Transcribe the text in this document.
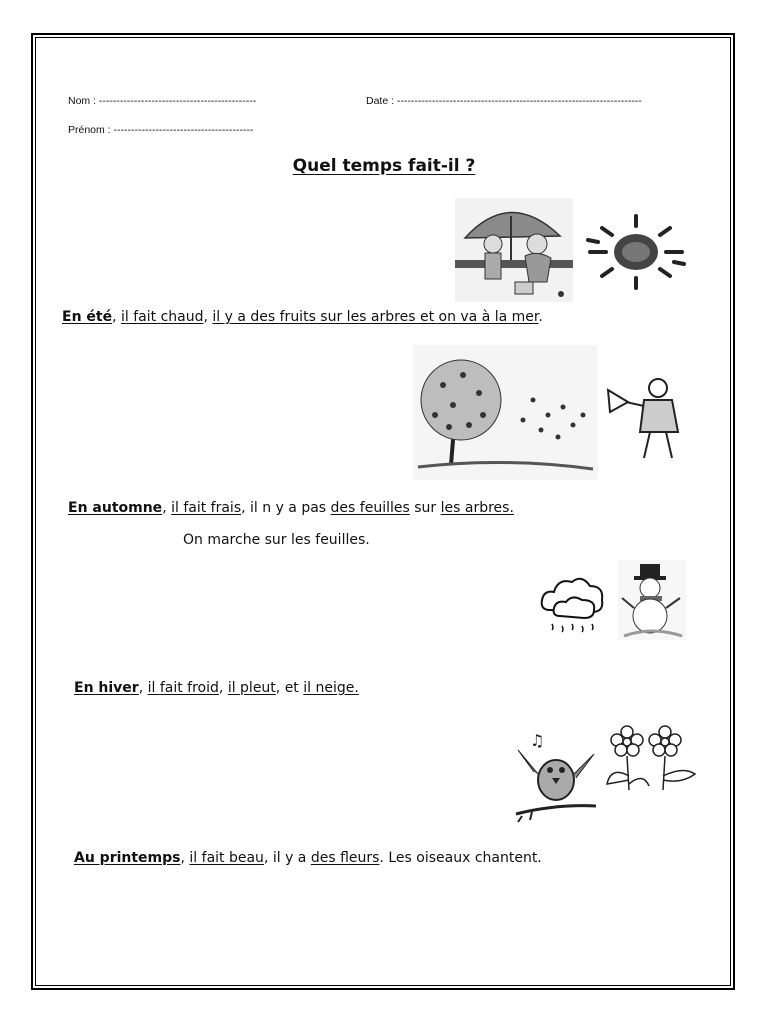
Nom : ---------------------------------------------	Date : ----------------------------------------------------------------------
Prénom : ----------------------------------------
Quel temps fait-il ?
En été, il fait chaud, il y a des fruits sur les arbres et on va à la mer.
En automne, il fait frais, il n y a pas des feuilles sur les arbres.
On marche sur les feuilles.
En hiver, il fait froid, il pleut, et il neige.
♫
Au printemps, il fait beau, il y a des fleurs. Les oiseaux chantent.
